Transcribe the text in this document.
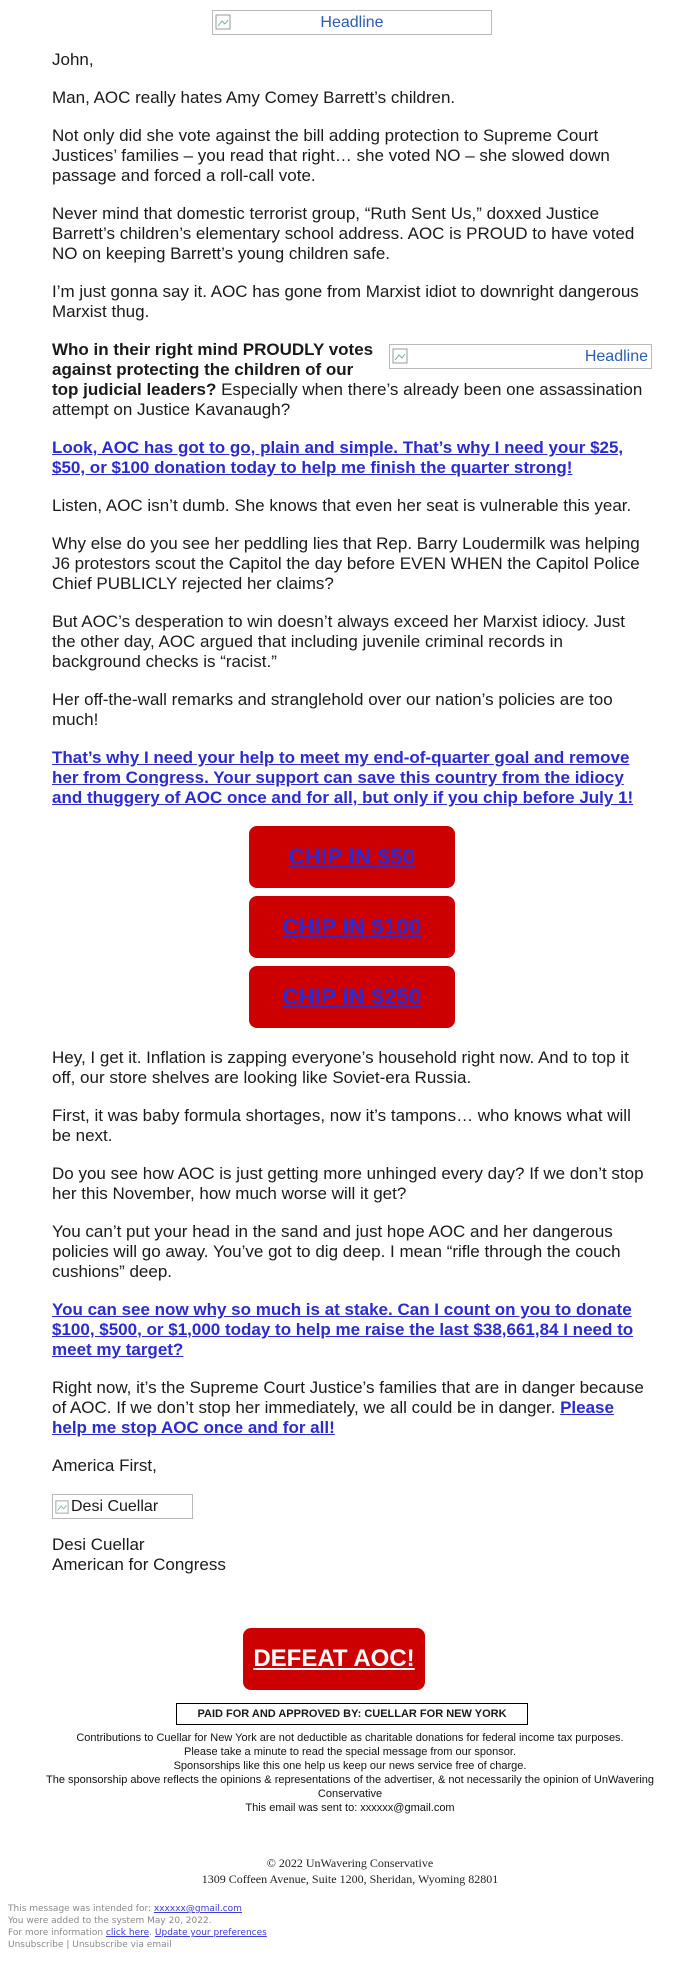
Headline

John,

Man, AOC really hates Amy Comey Barrett’s children.

Not only did she vote against the bill adding protection to Supreme Court Justices’ families – you read that right… she voted NO – she slowed down passage and forced a roll-call vote.

Never mind that domestic terrorist group, “Ruth Sent Us,” doxxed Justice Barrett’s children’s elementary school address. AOC is PROUD to have voted NO on keeping Barrett’s young children safe.

I’m just gonna say it. AOC has gone from Marxist idiot to downright dangerous Marxist thug.

Headline
Who in their right mind PROUDLY votes against protecting the children of our top judicial leaders? Especially when there’s already been one assassination attempt on Justice Kavanaugh?

Look, AOC has got to go, plain and simple. That’s why I need your $25, $50, or $100 donation today to help me finish the quarter strong!

Listen, AOC isn’t dumb. She knows that even her seat is vulnerable this year.

Why else do you see her peddling lies that Rep. Barry Loudermilk was helping J6 protestors scout the Capitol the day before EVEN WHEN the Capitol Police Chief PUBLICLY rejected her claims?

But AOC’s desperation to win doesn’t always exceed her Marxist idiocy. Just the other day, AOC argued that including juvenile criminal records in background checks is “racist.”

Her off-the-wall remarks and stranglehold over our nation’s policies are too much!

That’s why I need your help to meet my end-of-quarter goal and remove her from Congress. Your support can save this country from the idiocy and thuggery of AOC once and for all, but only if you chip before July 1!

CHIP IN $50
CHIP IN $100
CHIP IN $250

Hey, I get it. Inflation is zapping everyone’s household right now. And to top it off, our store shelves are looking like Soviet-era Russia.

First, it was baby formula shortages, now it’s tampons… who knows what will be next.

Do you see how AOC is just getting more unhinged every day? If we don’t stop her this November, how much worse will it get?

You can’t put your head in the sand and just hope AOC and her dangerous policies will go away. You’ve got to dig deep. I mean “rifle through the couch cushions” deep.

You can see now why so much is at stake. Can I count on you to donate $100, $500, or $1,000 today to help me raise the last $38,661,84 I need to meet my target?

Right now, it’s the Supreme Court Justice’s families that are in danger because of AOC. If we don’t stop her immediately, we all could be in danger. Please help me stop AOC once and for all!

America First,

Desi Cuellar

Desi Cuellar
American for Congress

DEFEAT AOC!
PAID FOR AND APPROVED BY: CUELLAR FOR NEW YORK
Contributions to Cuellar for New York are not deductible as charitable donations for federal income tax purposes.
Please take a minute to read the special message from our sponsor.
Sponsorships like this one help us keep our news service free of charge.
The sponsorship above reflects the opinions & representations of the advertiser, & not necessarily the opinion of UnWavering Conservative
This email was sent to: xxxxxx@gmail.com
© 2022 UnWavering Conservative
1309 Coffeen Avenue, Suite 1200, Sheridan, Wyoming 82801
This message was intended for: xxxxxx@gmail.com
You were added to the system May 20, 2022.
For more information click here. Update your preferences
Unsubscribe | Unsubscribe via email
